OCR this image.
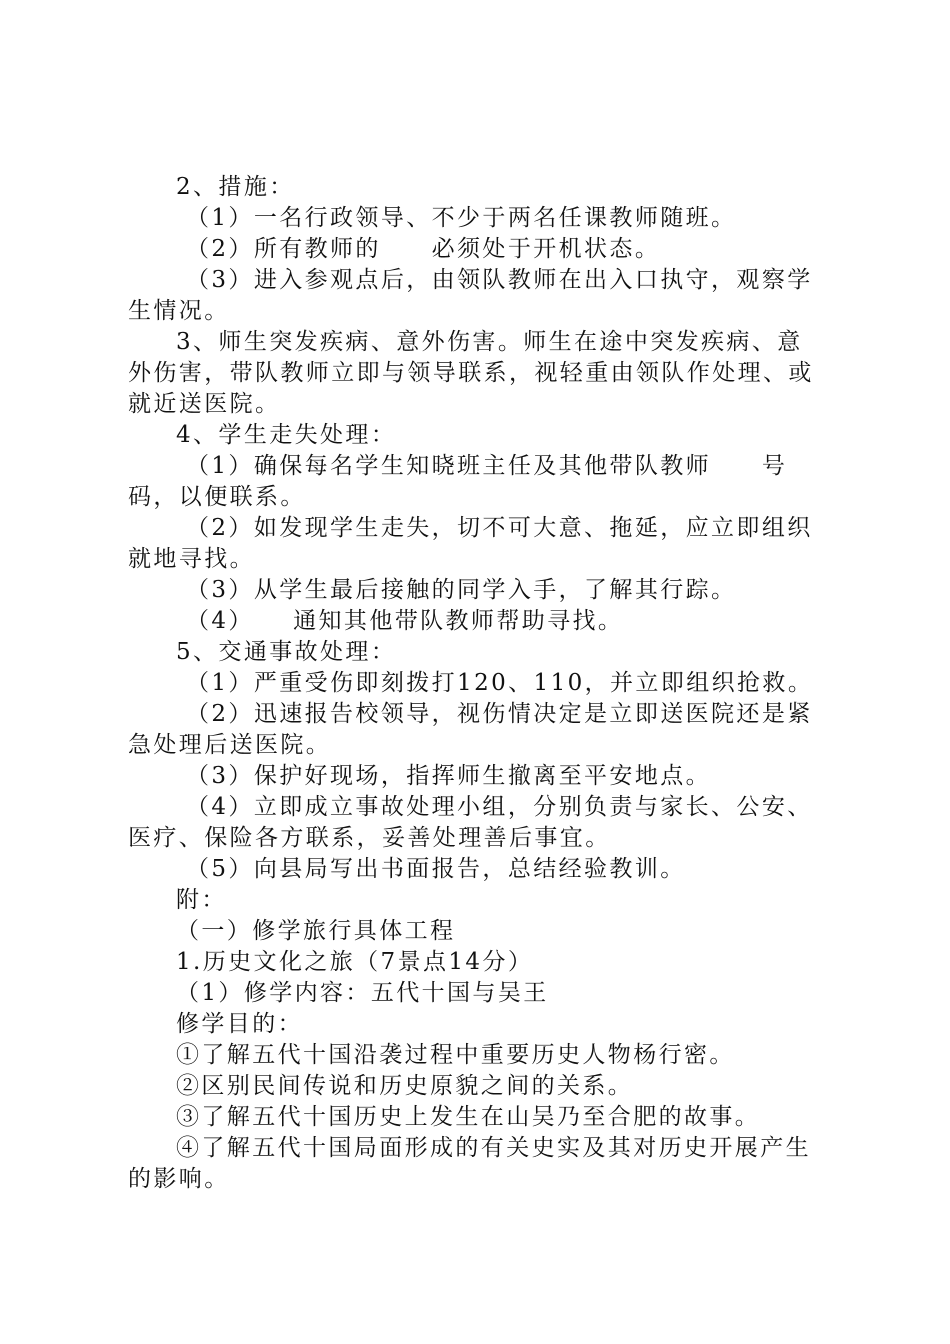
2、措施：

（1）一名行政领导、不少于两名任课教师随班。

（2）所有教师的　　必须处于开机状态。

（3）进入参观点后，由领队教师在出入口执守，观察学生情况。

3、师生突发疾病、意外伤害。师生在途中突发疾病、意外伤害，带队教师立即与领导联系，视轻重由领队作处理、或就近送医院。

4、学生走失处理：

（1）确保每名学生知晓班主任及其他带队教师　　号码，以便联系。

（2）如发现学生走失，切不可大意、拖延，应立即组织就地寻找。

（3）从学生最后接触的同学入手，了解其行踪。

（4）　　通知其他带队教师帮助寻找。

5、交通事故处理：

（1）严重受伤即刻拨打120、110，并立即组织抢救。

（2）迅速报告校领导，视伤情决定是立即送医院还是紧急处理后送医院。

（3）保护好现场，指挥师生撤离至平安地点。

（4）立即成立事故处理小组，分别负责与家长、公安、医疗、保险各方联系，妥善处理善后事宜。

（5）向县局写出书面报告，总结经验教训。

附：

（一）修学旅行具体工程

1.历史文化之旅（7景点14分）

（1）修学内容：五代十国与吴王

修学目的：

①了解五代十国沿袭过程中重要历史人物杨行密。

②区别民间传说和历史原貌之间的关系。

③了解五代十国历史上发生在山吴乃至合肥的故事。

④了解五代十国局面形成的有关史实及其对历史开展产生的影响。
